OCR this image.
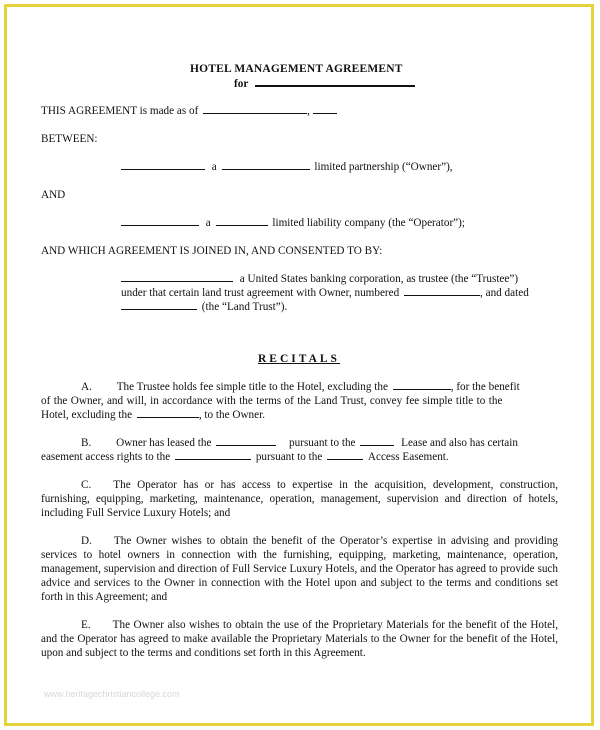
HOTEL MANAGEMENT AGREEMENT
for
THIS AGREEMENT is made as of	,
BETWEEN:
a	limited partnership (“Owner”),
AND
a	limited liability company (the “Operator”);
AND WHICH AGREEMENT IS JOINED IN, AND CONSENTED TO BY:
a United States banking corporation, as trustee (the “Trustee”)
under that certain land trust agreement with Owner, numbered	, and dated
(the “Land Trust”).
RECITALS
A. The Trustee holds fee simple title to the Hotel, excluding the	, for the benefit
of the Owner, and will, in accordance with the terms of the Land Trust, convey fee simple title to the
Hotel, excluding the	, to the Owner.
B. Owner has leased the	pursuant to the	Lease and also has certain
easement access rights to the	pursuant to the	Access Easement.
C. The Operator has or has access to expertise in the acquisition, development, construction, furnishing, equipping, marketing, maintenance, operation, management, supervision and direction of hotels, including Full Service Luxury Hotels; and
D. The Owner wishes to obtain the benefit of the Operator’s expertise in advising and providing services to hotel owners in connection with the furnishing, equipping, marketing, maintenance, operation, management, supervision and direction of Full Service Luxury Hotels, and the Operator has agreed to provide such advice and services to the Owner in connection with the Hotel upon and subject to the terms and conditions set forth in this Agreement; and
E. The Owner also wishes to obtain the use of the Proprietary Materials for the benefit of the Hotel, and the Operator has agreed to make available the Proprietary Materials to the Owner for the benefit of the Hotel, upon and subject to the terms and conditions set forth in this Agreement.
www.heritagechristiancollege.com
